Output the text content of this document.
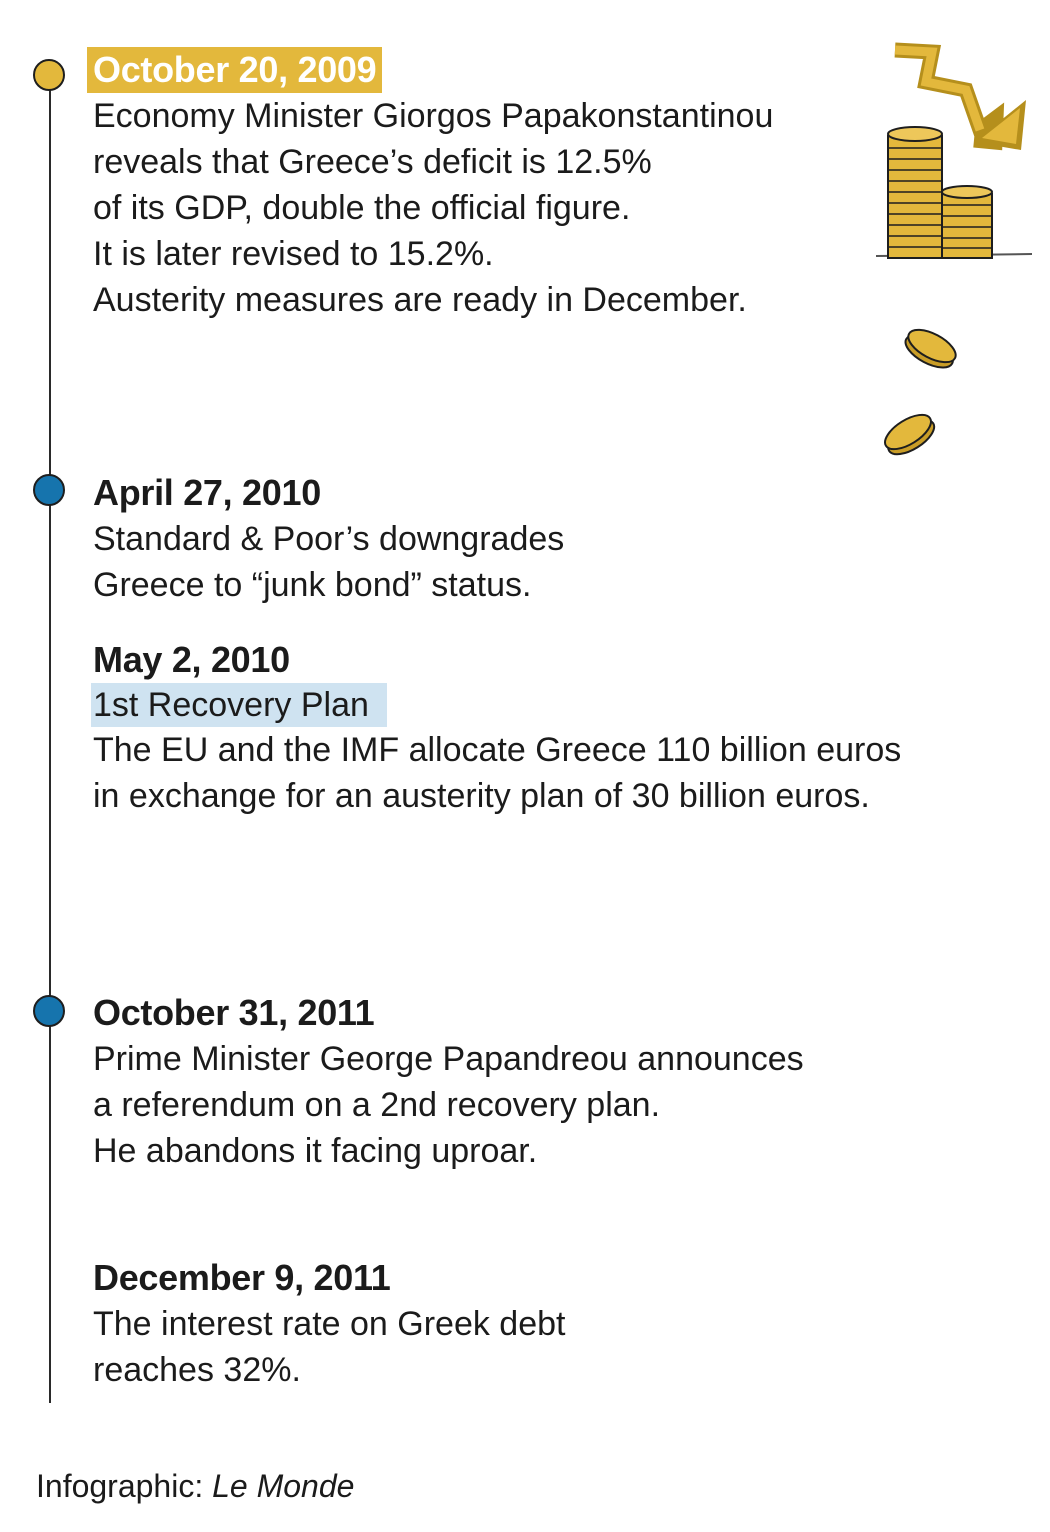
October 20, 2009
Economy Minister Giorgos Papakonstantinou
reveals that Greece’s deficit is 12.5%
of its GDP, double the official figure.
It is later revised to 15.2%.
Austerity measures are ready in December.
April 27, 2010
Standard & Poor’s downgrades
Greece to “junk bond” status.
May 2, 2010
1st Recovery Plan
The EU and the IMF allocate Greece 110 billion euros
in exchange for an austerity plan of 30 billion euros.
October 31, 2011
Prime Minister George Papandreou announces
a referendum on a 2nd recovery plan.
He abandons it facing uproar.
December 9, 2011
The interest rate on Greek debt
reaches 32%.
Infographic: Le Monde
